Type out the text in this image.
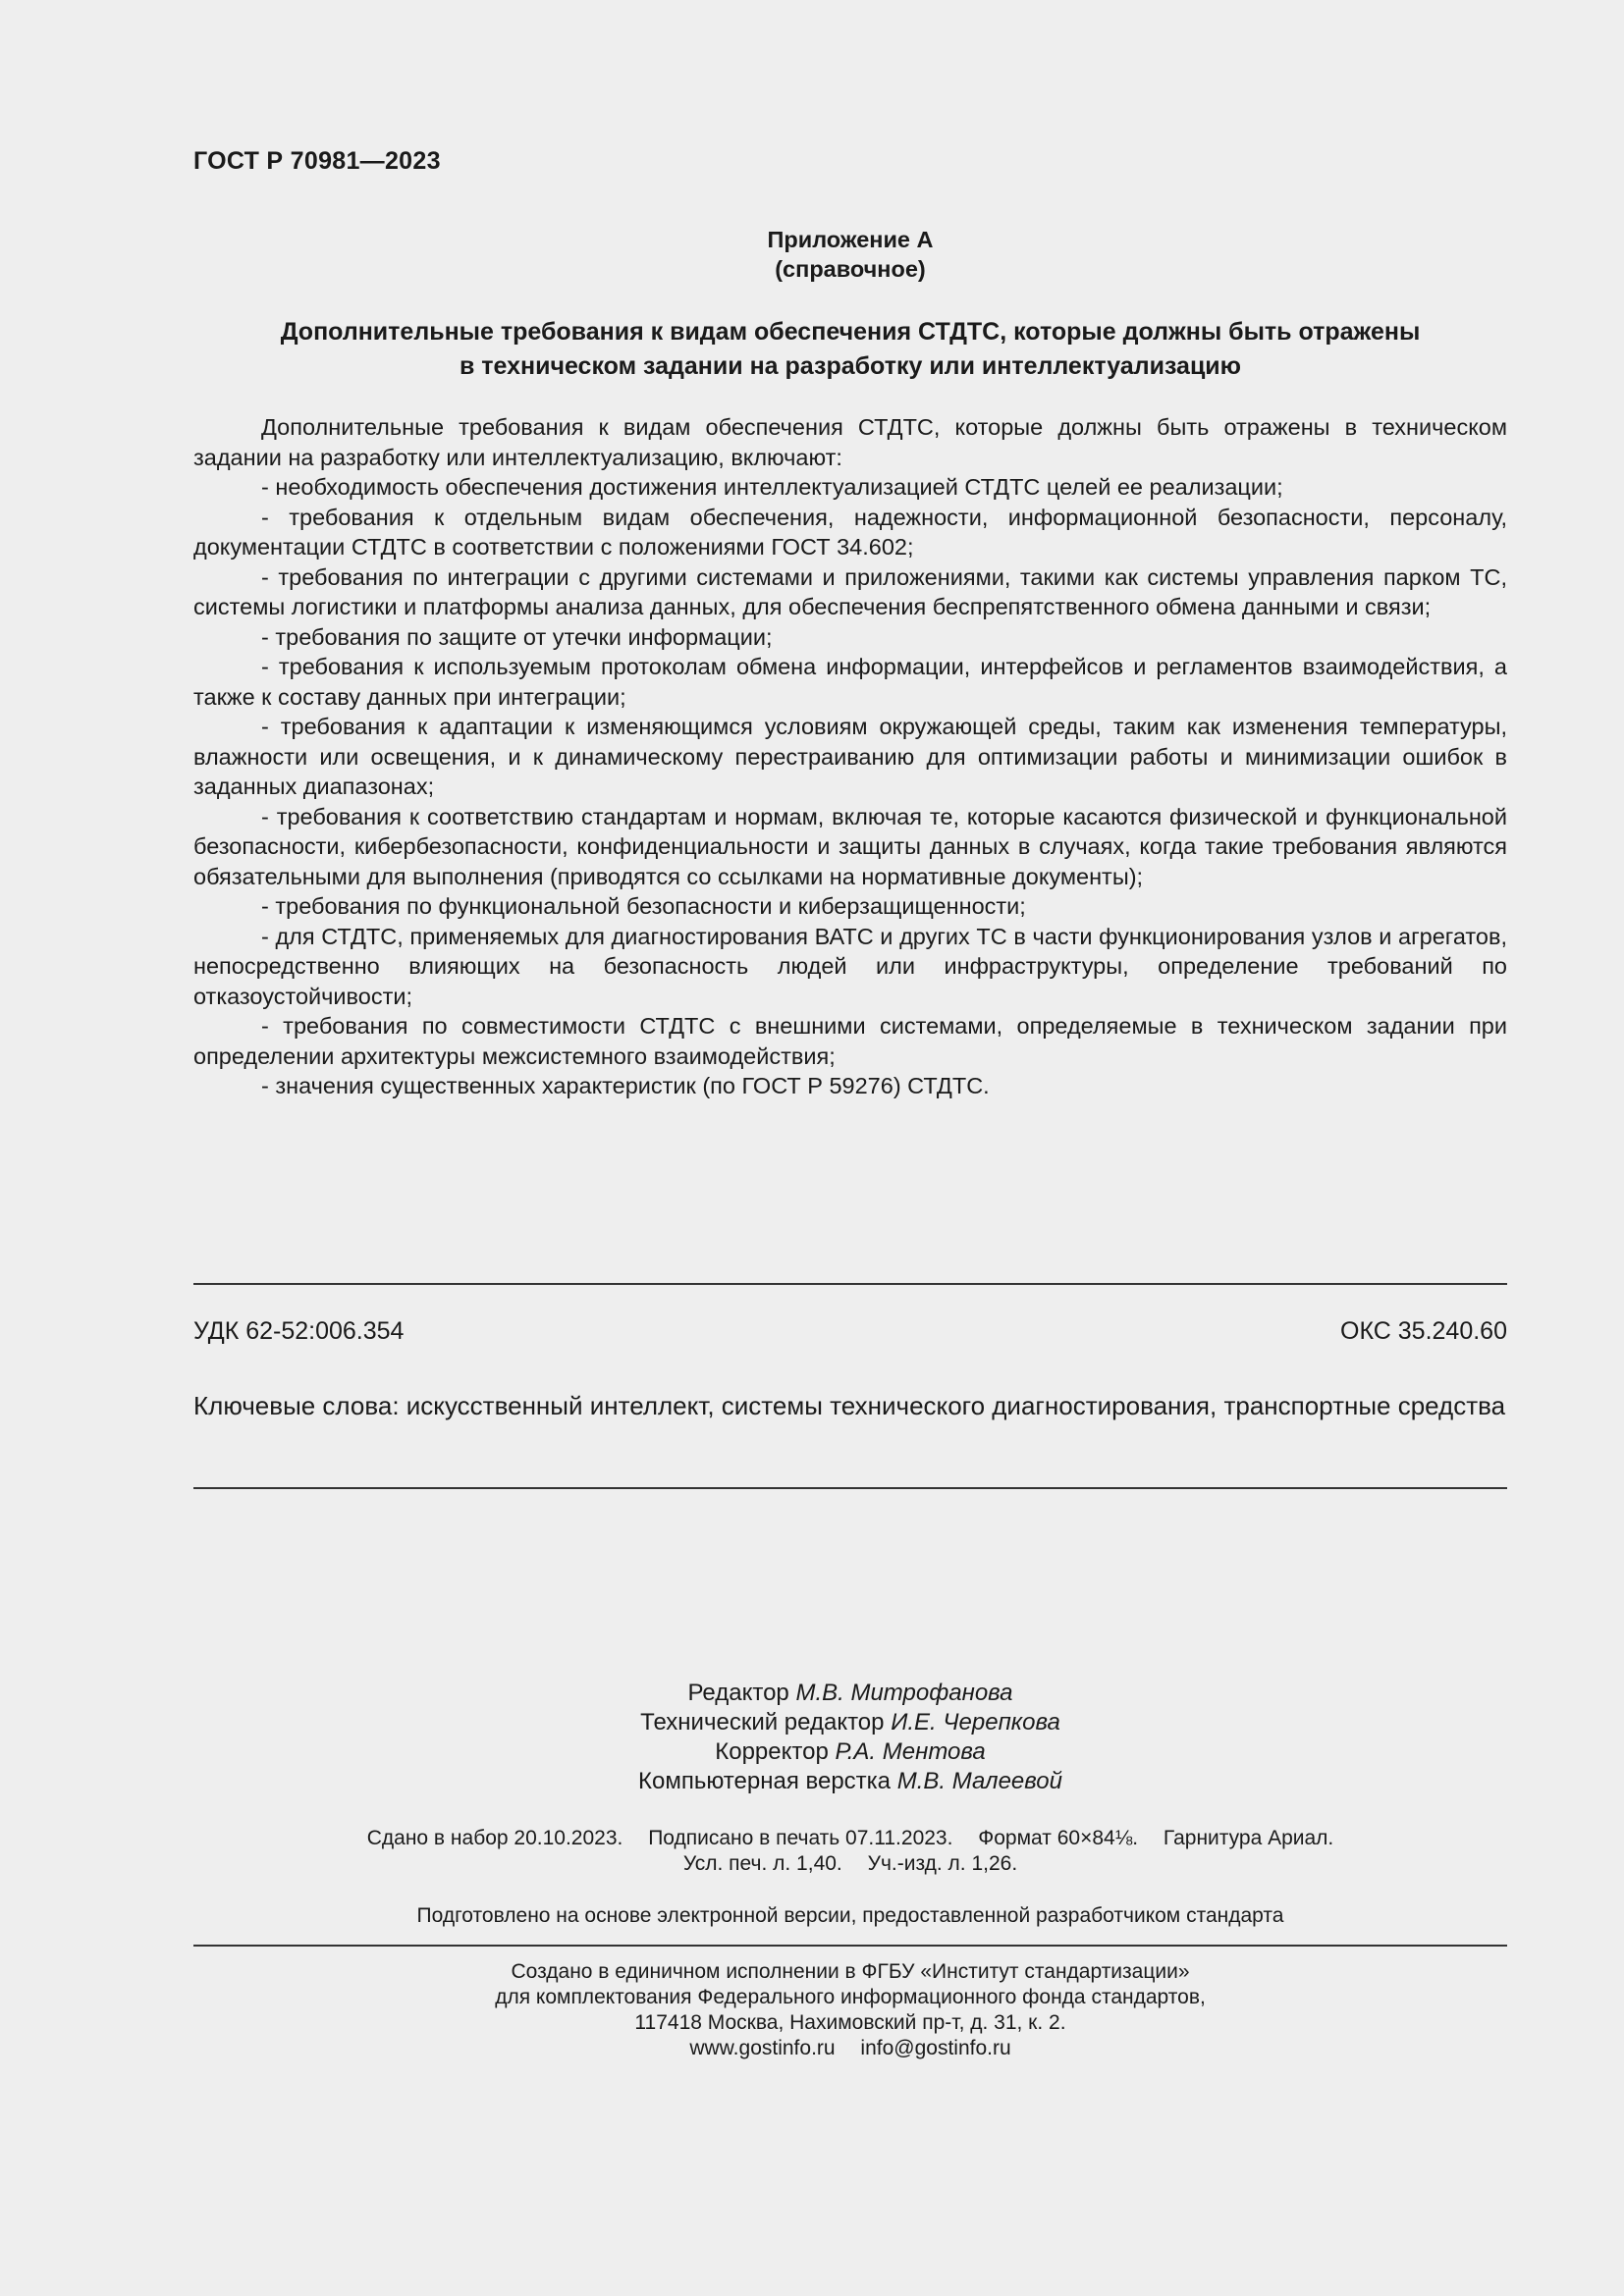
ГОСТ Р 70981—2023
Приложение А
(справочное)
Дополнительные требования к видам обеспечения СТДТС, которые должны быть отражены
в техническом задании на разработку или интеллектуализацию

Дополнительные требования к видам обеспечения СТДТС, которые должны быть отражены в техническом задании на разработку или интеллектуализацию, включают:

- необходимость обеспечения достижения интеллектуализацией СТДТС целей ее реализации;

- требования к отдельным видам обеспечения, надежности, информационной безопасности, персоналу, документации СТДТС в соответствии с положениями ГОСТ 34.602;

- требования по интеграции с другими системами и приложениями, такими как системы управления парком ТС, системы логистики и платформы анализа данных, для обеспечения беспрепятственного обмена данными и связи;

- требования по защите от утечки информации;

- требования к используемым протоколам обмена информации, интерфейсов и регламентов взаимодействия, а также к составу данных при интеграции;

- требования к адаптации к изменяющимся условиям окружающей среды, таким как изменения температуры, влажности или освещения, и к динамическому перестраиванию для оптимизации работы и минимизации ошибок в заданных диапазонах;

- требования к соответствию стандартам и нормам, включая те, которые касаются физической и функциональной безопасности, кибербезопасности, конфиденциальности и защиты данных в случаях, когда такие требования являются обязательными для выполнения (приводятся со ссылками на нормативные документы);

- требования по функциональной безопасности и киберзащищенности;

- для СТДТС, применяемых для диагностирования ВАТС и других ТС в части функционирования узлов и агрегатов, непосредственно влияющих на безопасность людей или инфраструктуры, определение требований по отказоустойчивости;

- требования по совместимости СТДТС с внешними системами, определяемые в техническом задании при определении архитектуры межсистемного взаимодействия;

- значения существенных характеристик (по ГОСТ Р 59276) СТДТС.

УДК 62-52:006.354	ОКС 35.240.60
Ключевые слова: искусственный интеллект, системы технического диагностирования, транспортные средства
Редактор М.В. Митрофанова
Технический редактор И.Е. Черепкова
Корректор Р.А. Ментова
Компьютерная верстка М.В. Малеевой
Сдано в набор 20.10.2023. Подписано в печать 07.11.2023. Формат 60×84⅛. Гарнитура Ариал.
Усл. печ. л. 1,40. Уч.-изд. л. 1,26.
Подготовлено на основе электронной версии, предоставленной разработчиком стандарта
Создано в единичном исполнении в ФГБУ «Институт стандартизации»
для комплектования Федерального информационного фонда стандартов,
117418 Москва, Нахимовский пр-т, д. 31, к. 2.
www.gostinfo.ru info@gostinfo.ru
